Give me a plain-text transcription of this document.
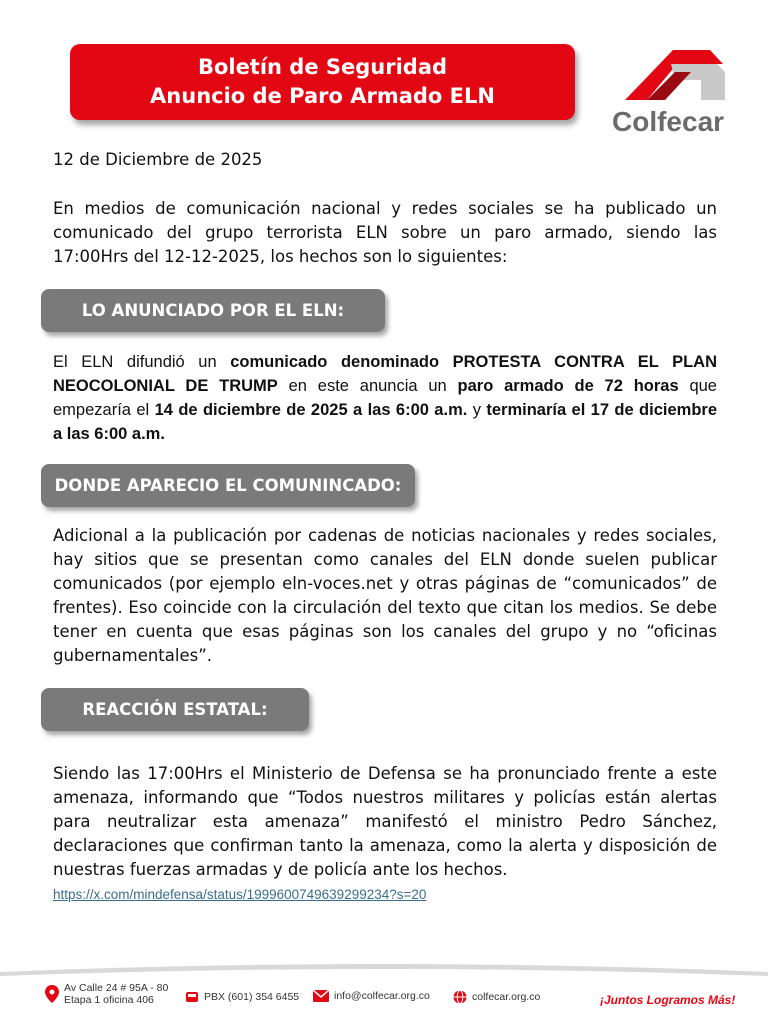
Boletín de Seguridad
Anuncio de Paro Armado ELN
Colfecar
12 de Diciembre de 2025
En medios de comunicación nacional y redes sociales se ha publicado un comunicado del grupo terrorista ELN sobre un paro armado, siendo las 17:00Hrs del 12-12-2025, los hechos son lo siguientes:
LO ANUNCIADO POR EL ELN:
El ELN difundió un comunicado denominado PROTESTA CONTRA EL PLAN NEOCOLONIAL DE TRUMP en este anuncia un paro armado de 72 horas que empezaría el 14 de diciembre de 2025 a las 6:00 a.m. y terminaría el 17 de diciembre a las 6:00 a.m.
DONDE APARECIO EL COMUNINCADO:
Adicional a la publicación por cadenas de noticias nacionales y redes sociales, hay sitios que se presentan como canales del ELN donde suelen publicar comunicados (por ejemplo eln-voces.net y otras páginas de “comunicados” de frentes). Eso coincide con la circulación del texto que citan los medios. Se debe tener en cuenta que esas páginas son los canales del grupo y no “oficinas gubernamentales”.
REACCIÓN ESTATAL:
Siendo las 17:00Hrs el Ministerio de Defensa se ha pronunciado frente a este amenaza, informando que “Todos nuestros militares y policías están alertas para neutralizar esta amenaza” manifestó el ministro Pedro Sánchez, declaraciones que confirman tanto la amenaza, como la alerta y disposición de nuestras fuerzas armadas y de policía ante los hechos.
https://x.com/mindefensa/status/1999600749639299234?s=20
Av Calle 24 # 95A - 80
Etapa 1 oficina 406	PBX (601) 354 6455	info@colfecar.org.co	colfecar.org.co	¡Juntos Logramos Más!
